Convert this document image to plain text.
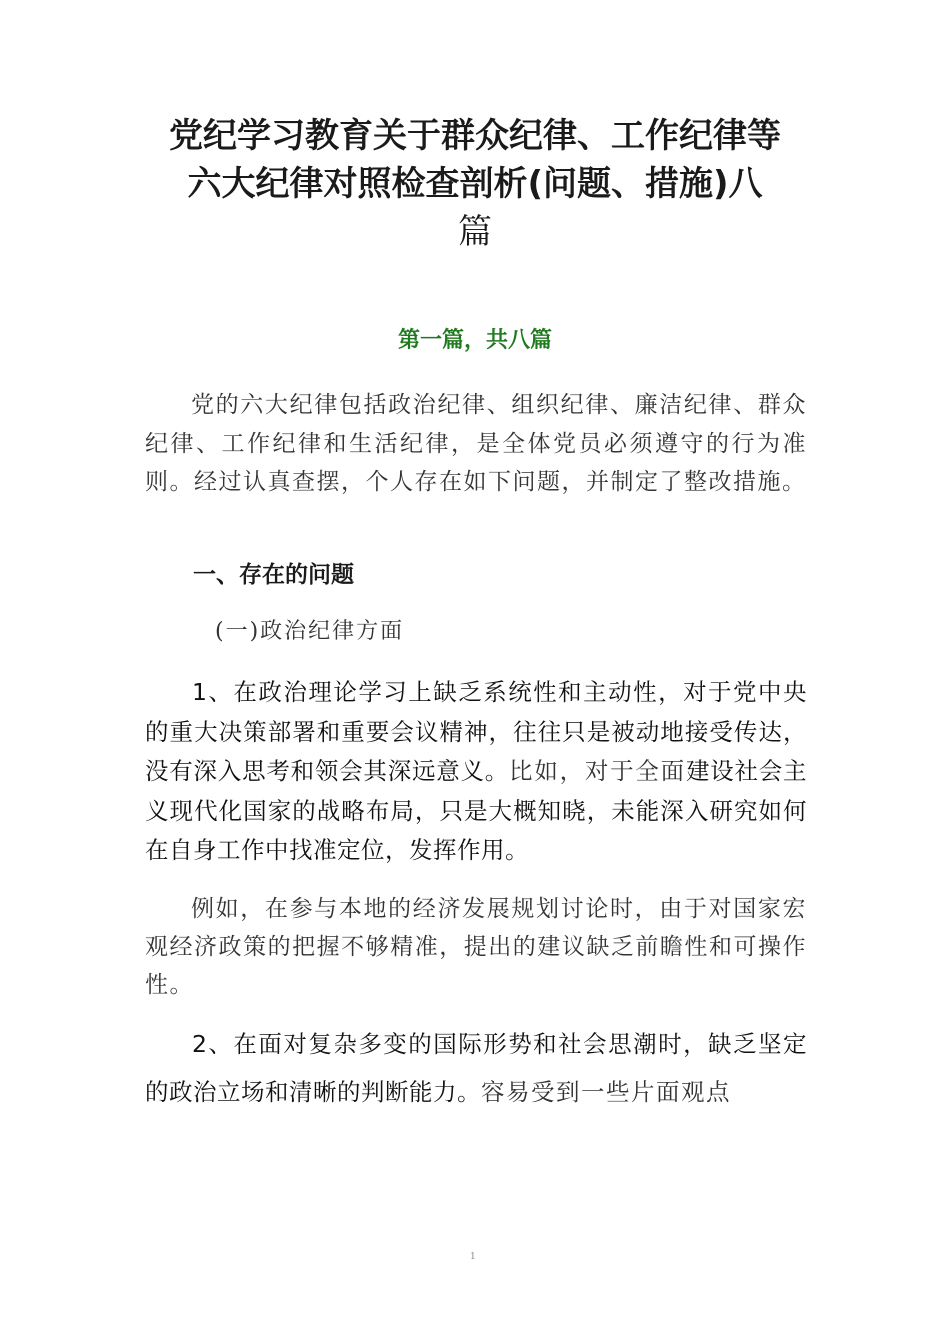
党纪学习教育关于群众纪律、工作纪律等
六大纪律对照检查剖析(问题、措施)八
篇

第一篇，共八篇

党的六大纪律包括政治纪律、组织纪律、廉洁纪律、群众纪律、工作纪律和生活纪律，是全体党员必须遵守的行为准则。经过认真查摆，个人存在如下问题，并制定了整改措施。

一、存在的问题

(一)政治纪律方面

1、在政治理论学习上缺乏系统性和主动性，对于党中央的重大决策部署和重要会议精神，往往只是被动地接受传达，没有深入思考和领会其深远意义。比如，对于全面建设社会主义现代化国家的战略布局，只是大概知晓，未能深入研究如何在自身工作中找准定位，发挥作用。

例如，在参与本地的经济发展规划讨论时，由于对国家宏观经济政策的把握不够精准，提出的建议缺乏前瞻性和可操作性。

2、在面对复杂多变的国际形势和社会思潮时，缺乏坚定的政治立场和清晰的判断能力。容易受到一些片面观点

1
